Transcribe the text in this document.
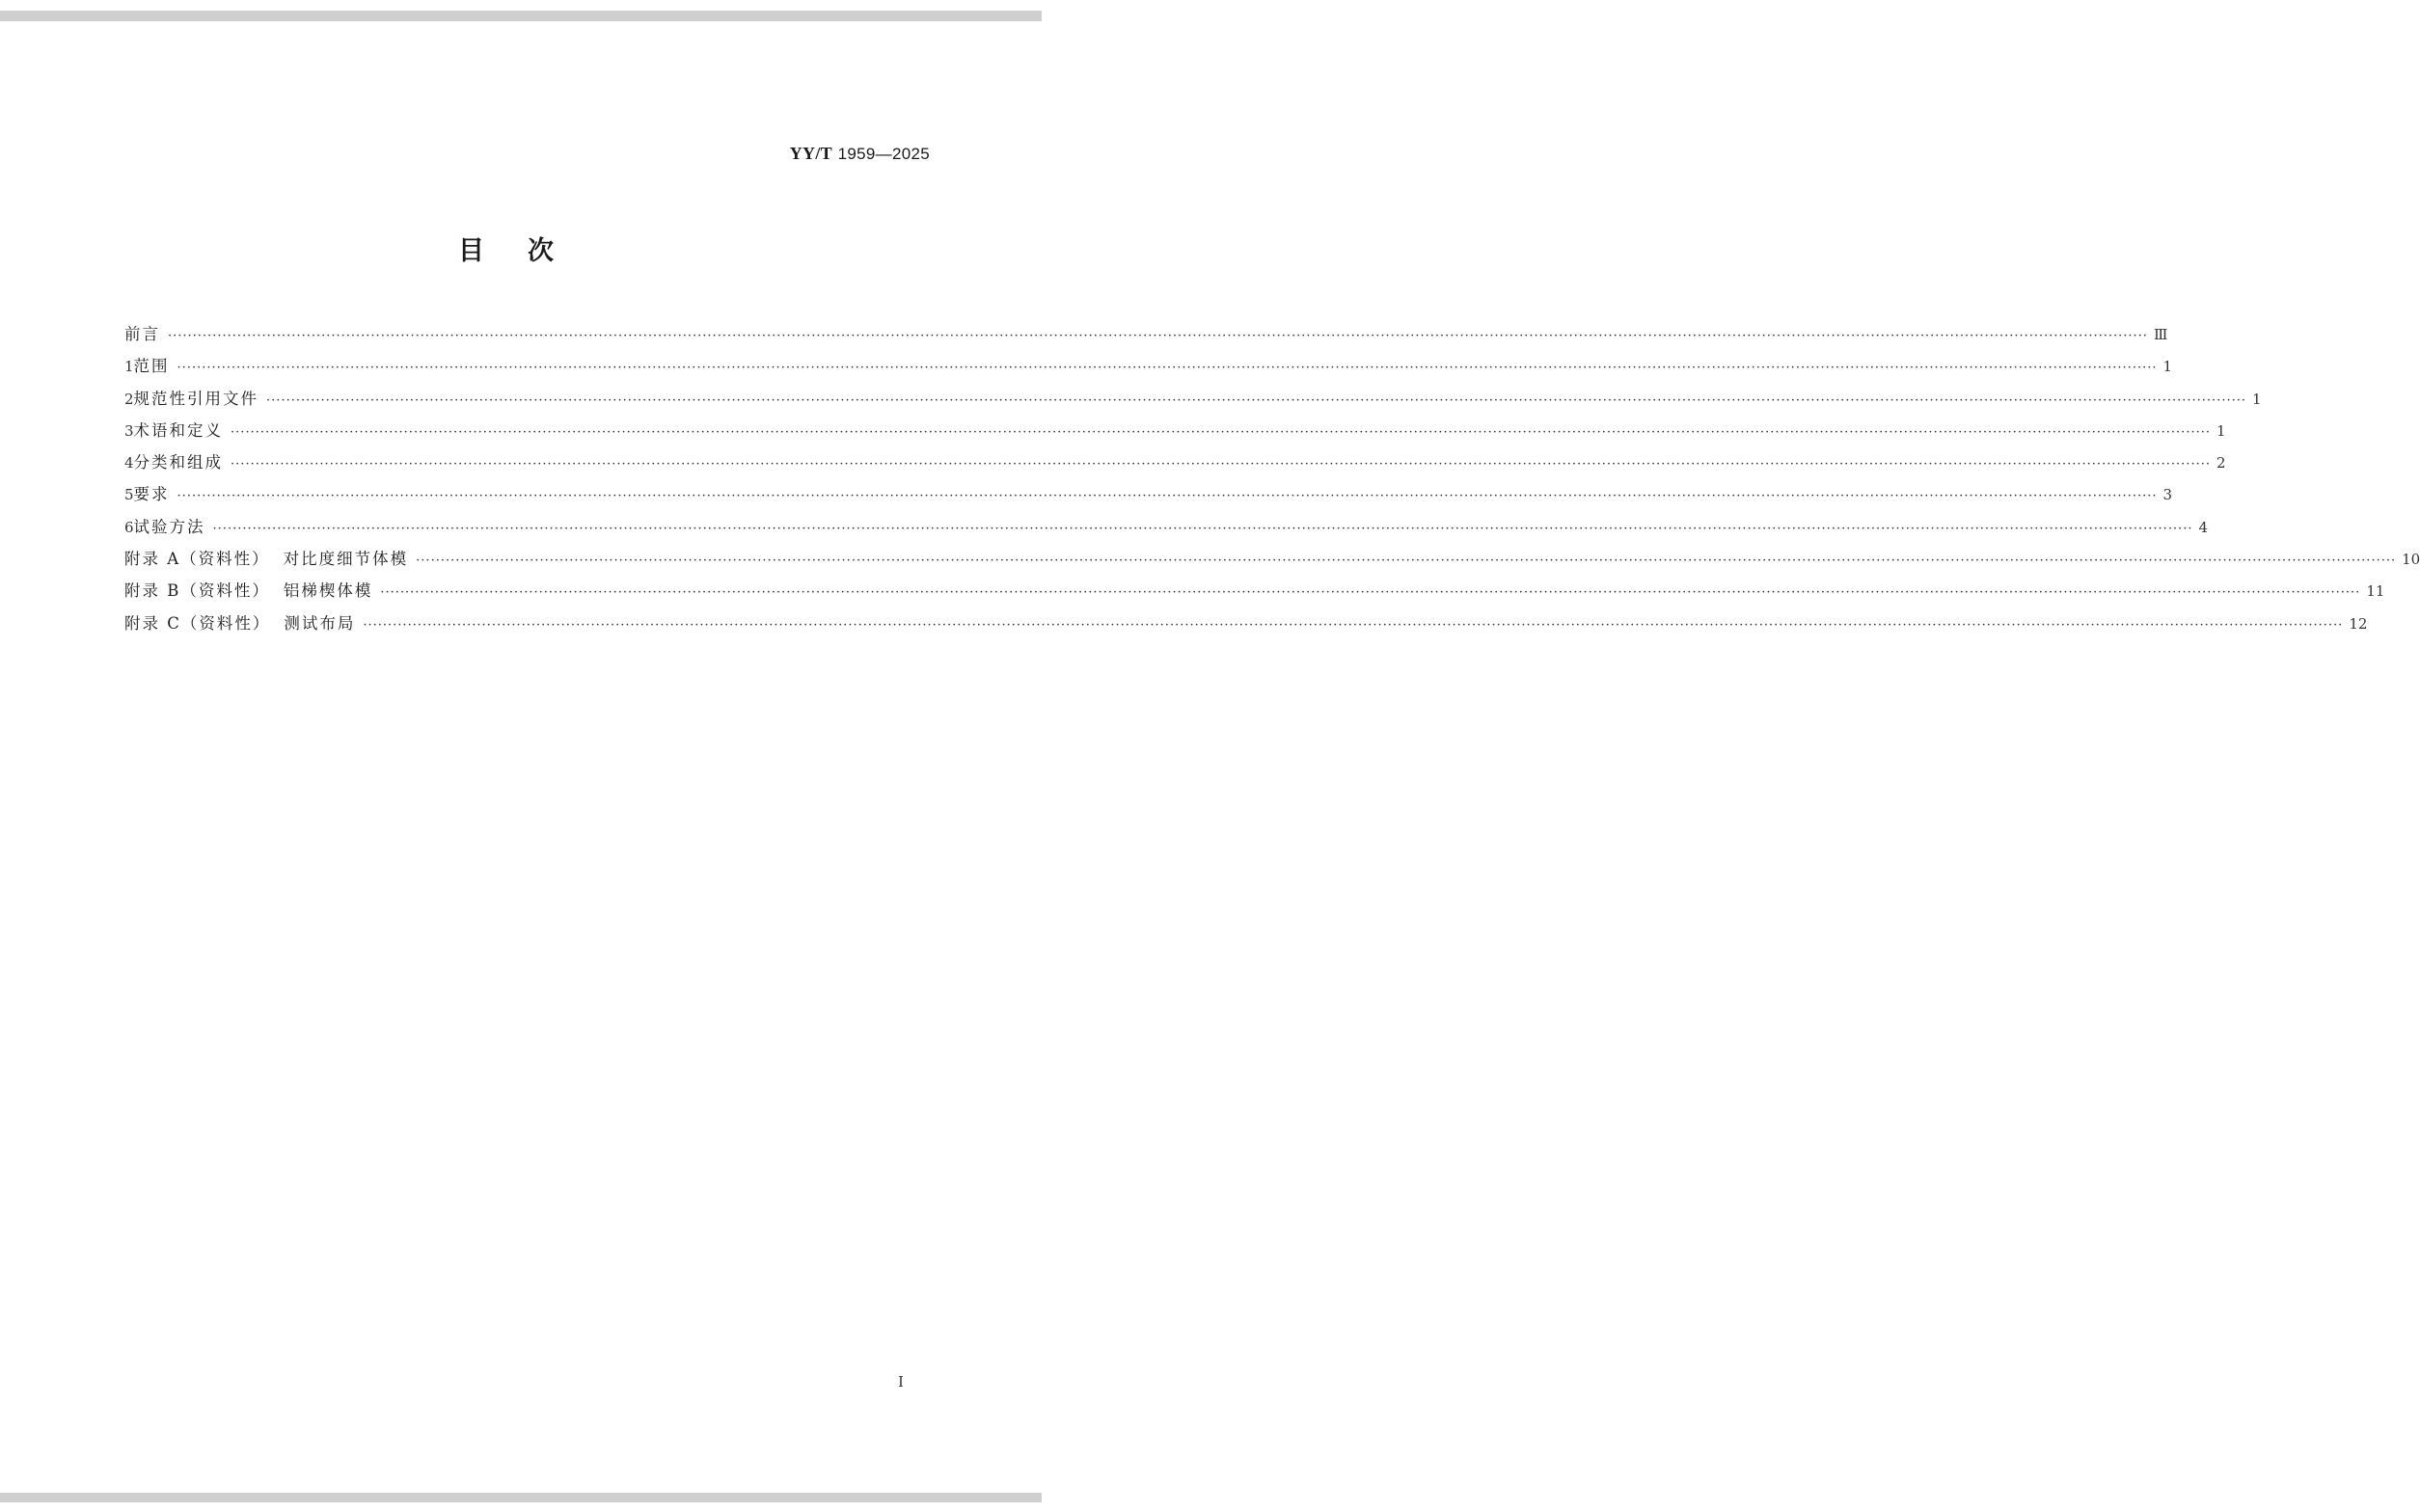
YY/T 1959—2025
目次
前言 ················································································································································································································································································································································································································ Ⅲ
1 范围 ················································································································································································································································································································································································································ 1
2 规范性引用文件 ················································································································································································································································································································································································································ 1
3 术语和定义 ················································································································································································································································································································································································································ 1
4 分类和组成 ················································································································································································································································································································································································································ 2
5 要求 ················································································································································································································································································································································································································ 3
6 试验方法 ················································································································································································································································································································································································································ 4
附录 A（资料性） 对比度细节体模 ················································································································································································································································································································································································································ 10
附录 B（资料性） 铝梯楔体模 ················································································································································································································································································································································································································ 11
附录 C（资料性） 测试布局 ················································································································································································································································································································································································································ 12
I
